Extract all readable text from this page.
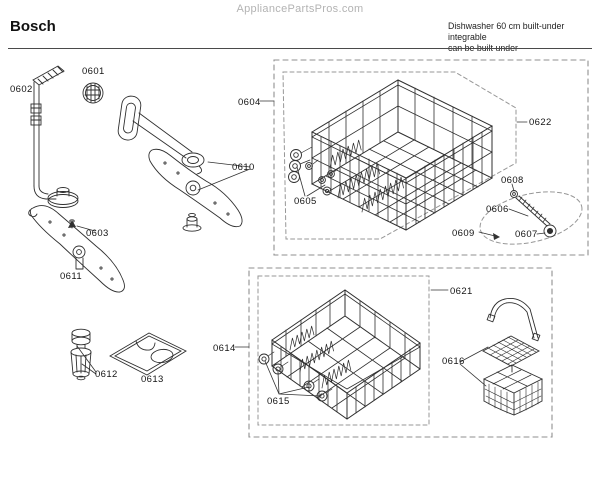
AppliancePartsPros.com
Bosch	Dishwasher 60 cm built-under integrable
can be built under
0601
0602
0603
0604
0605
0606
0607
0608
0609
0610
0611
0612 0613
0614
0615
0616
0621
0622
